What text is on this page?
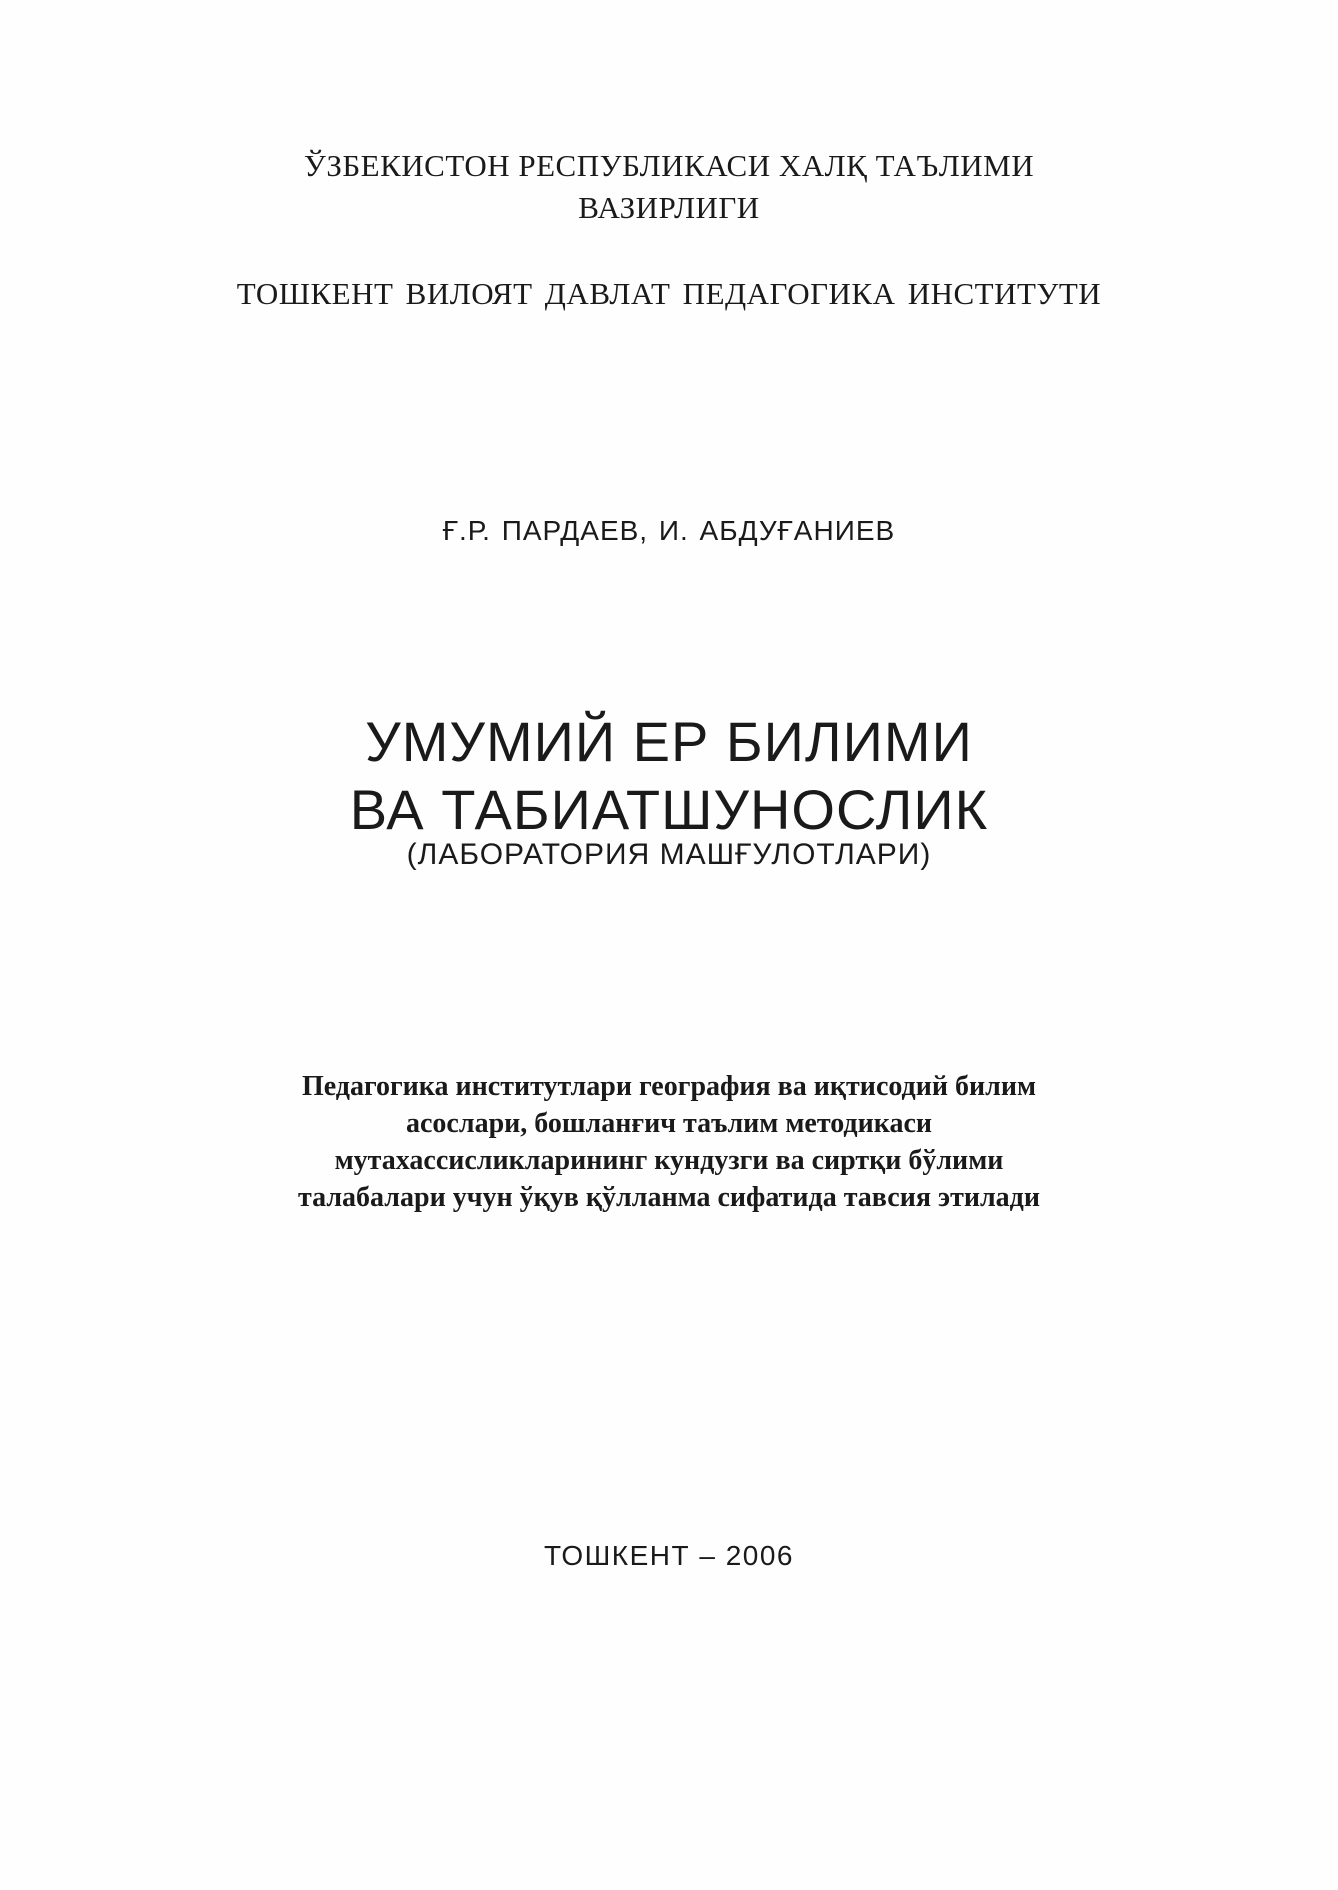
ЎЗБЕКИСТОН РЕСПУБЛИКАСИ ХАЛҚ ТАЪЛИМИ
ВАЗИРЛИГИ
ТОШКЕНТ ВИЛОЯТ ДАВЛАТ ПЕДАГОГИКА ИНСТИТУТИ
Ғ.Р. ПАРДАЕВ, И. АБДУҒАНИЕВ
УМУМИЙ ЕР БИЛИМИ
ВА ТАБИАТШУНОСЛИК
(ЛАБОРАТОРИЯ МАШҒУЛОТЛАРИ)
Педагогика институтлари география ва иқтисодий билим
асослари, бошланғич таълим методикаси
мутахассисликларининг кундузги ва сиртқи бўлими
талабалари учун ўқув қўлланма сифатида тавсия этилади
ТОШКЕНТ – 2006
